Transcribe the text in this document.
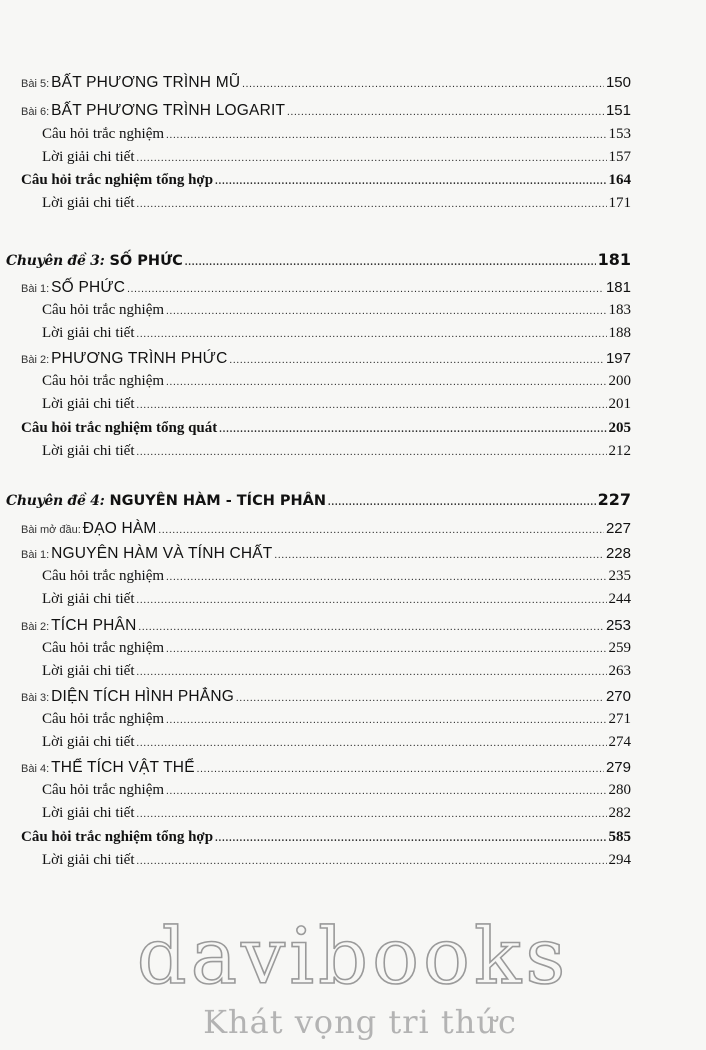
Bài 5: BẤT PHƯƠNG TRÌNH MŨ .....	150
Bài 6: BẤT PHƯƠNG TRÌNH LOGARIT .....	151
Câu hỏi trắc nghiệm .....	153
Lời giải chi tiết .....	157
Câu hỏi trắc nghiệm tổng hợp .....	164
Lời giải chi tiết .....	171
Chuyên đề 3: SỐ PHỨC .....	181
Bài 1: SỐ PHỨC .....	181
Câu hỏi trắc nghiệm .....	183
Lời giải chi tiết .....	188
Bài 2: PHƯƠNG TRÌNH PHỨC .....	197
Câu hỏi trắc nghiệm .....	200
Lời giải chi tiết .....	201
Câu hỏi trắc nghiệm tổng quát .....	205
Lời giải chi tiết .....	212
Chuyên đề 4: NGUYÊN HÀM - TÍCH PHÂN .....	227
Bài mở đầu: ĐẠO HÀM .....	227
Bài 1: NGUYÊN HÀM VÀ TÍNH CHẤT .....	228
Câu hỏi trắc nghiệm .....	235
Lời giải chi tiết .....	244
Bài 2: TÍCH PHÂN .....	253
Câu hỏi trắc nghiệm .....	259
Lời giải chi tiết .....	263
Bài 3: DIỆN TÍCH HÌNH PHẲNG .....	270
Câu hỏi trắc nghiệm .....	271
Lời giải chi tiết .....	274
Bài 4: THỂ TÍCH VẬT THỂ .....	279
Câu hỏi trắc nghiệm .....	280
Lời giải chi tiết .....	282
Câu hỏi trắc nghiệm tổng hợp .....	585
Lời giải chi tiết .....	294
davibooks
Khát vọng tri thức
